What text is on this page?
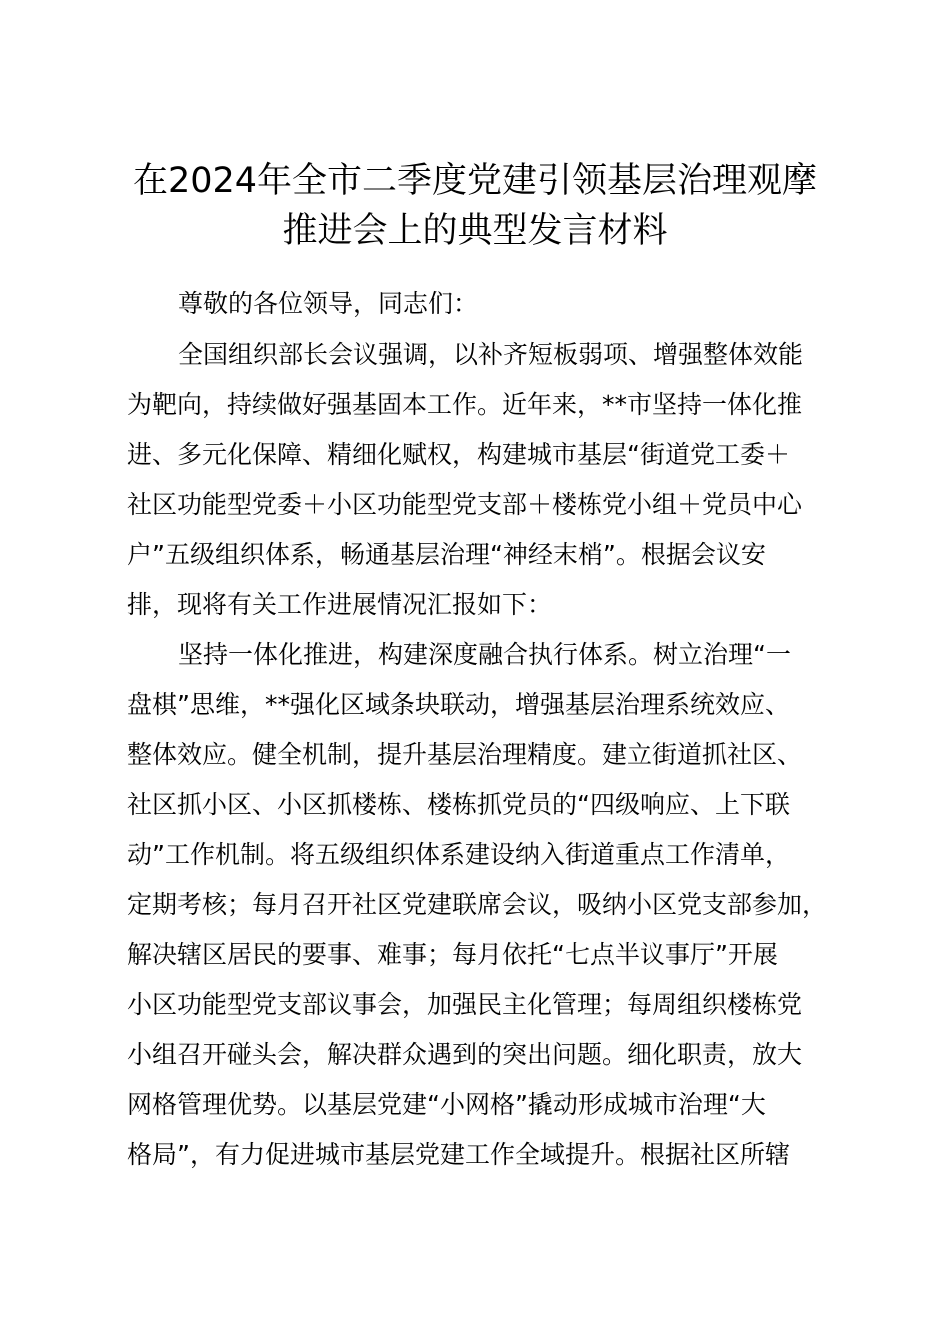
在2024年全市二季度党建引领基层治理观摩
推进会上的典型发言材料
尊敬的各位领导，同志们：
全国组织部长会议强调，以补齐短板弱项、增强整体效能
为靶向，持续做好强基固本工作。近年来，**市坚持一体化推
进、多元化保障、精细化赋权，构建城市基层“街道党工委＋
社区功能型党委＋小区功能型党支部＋楼栋党小组＋党员中心
户”五级组织体系，畅通基层治理“神经末梢”。根据会议安
排，现将有关工作进展情况汇报如下：
坚持一体化推进，构建深度融合执行体系。树立治理“一
盘棋”思维，**强化区域条块联动，增强基层治理系统效应、
整体效应。健全机制，提升基层治理精度。建立街道抓社区、
社区抓小区、小区抓楼栋、楼栋抓党员的“四级响应、上下联
动”工作机制。将五级组织体系建设纳入街道重点工作清单，
定期考核；每月召开社区党建联席会议，吸纳小区党支部参加，
解决辖区居民的要事、难事；每月依托“七点半议事厅”开展
小区功能型党支部议事会，加强民主化管理；每周组织楼栋党
小组召开碰头会，解决群众遇到的突出问题。细化职责，放大
网格管理优势。以基层党建“小网格”撬动形成城市治理“大
格局”，有力促进城市基层党建工作全域提升。根据社区所辖
